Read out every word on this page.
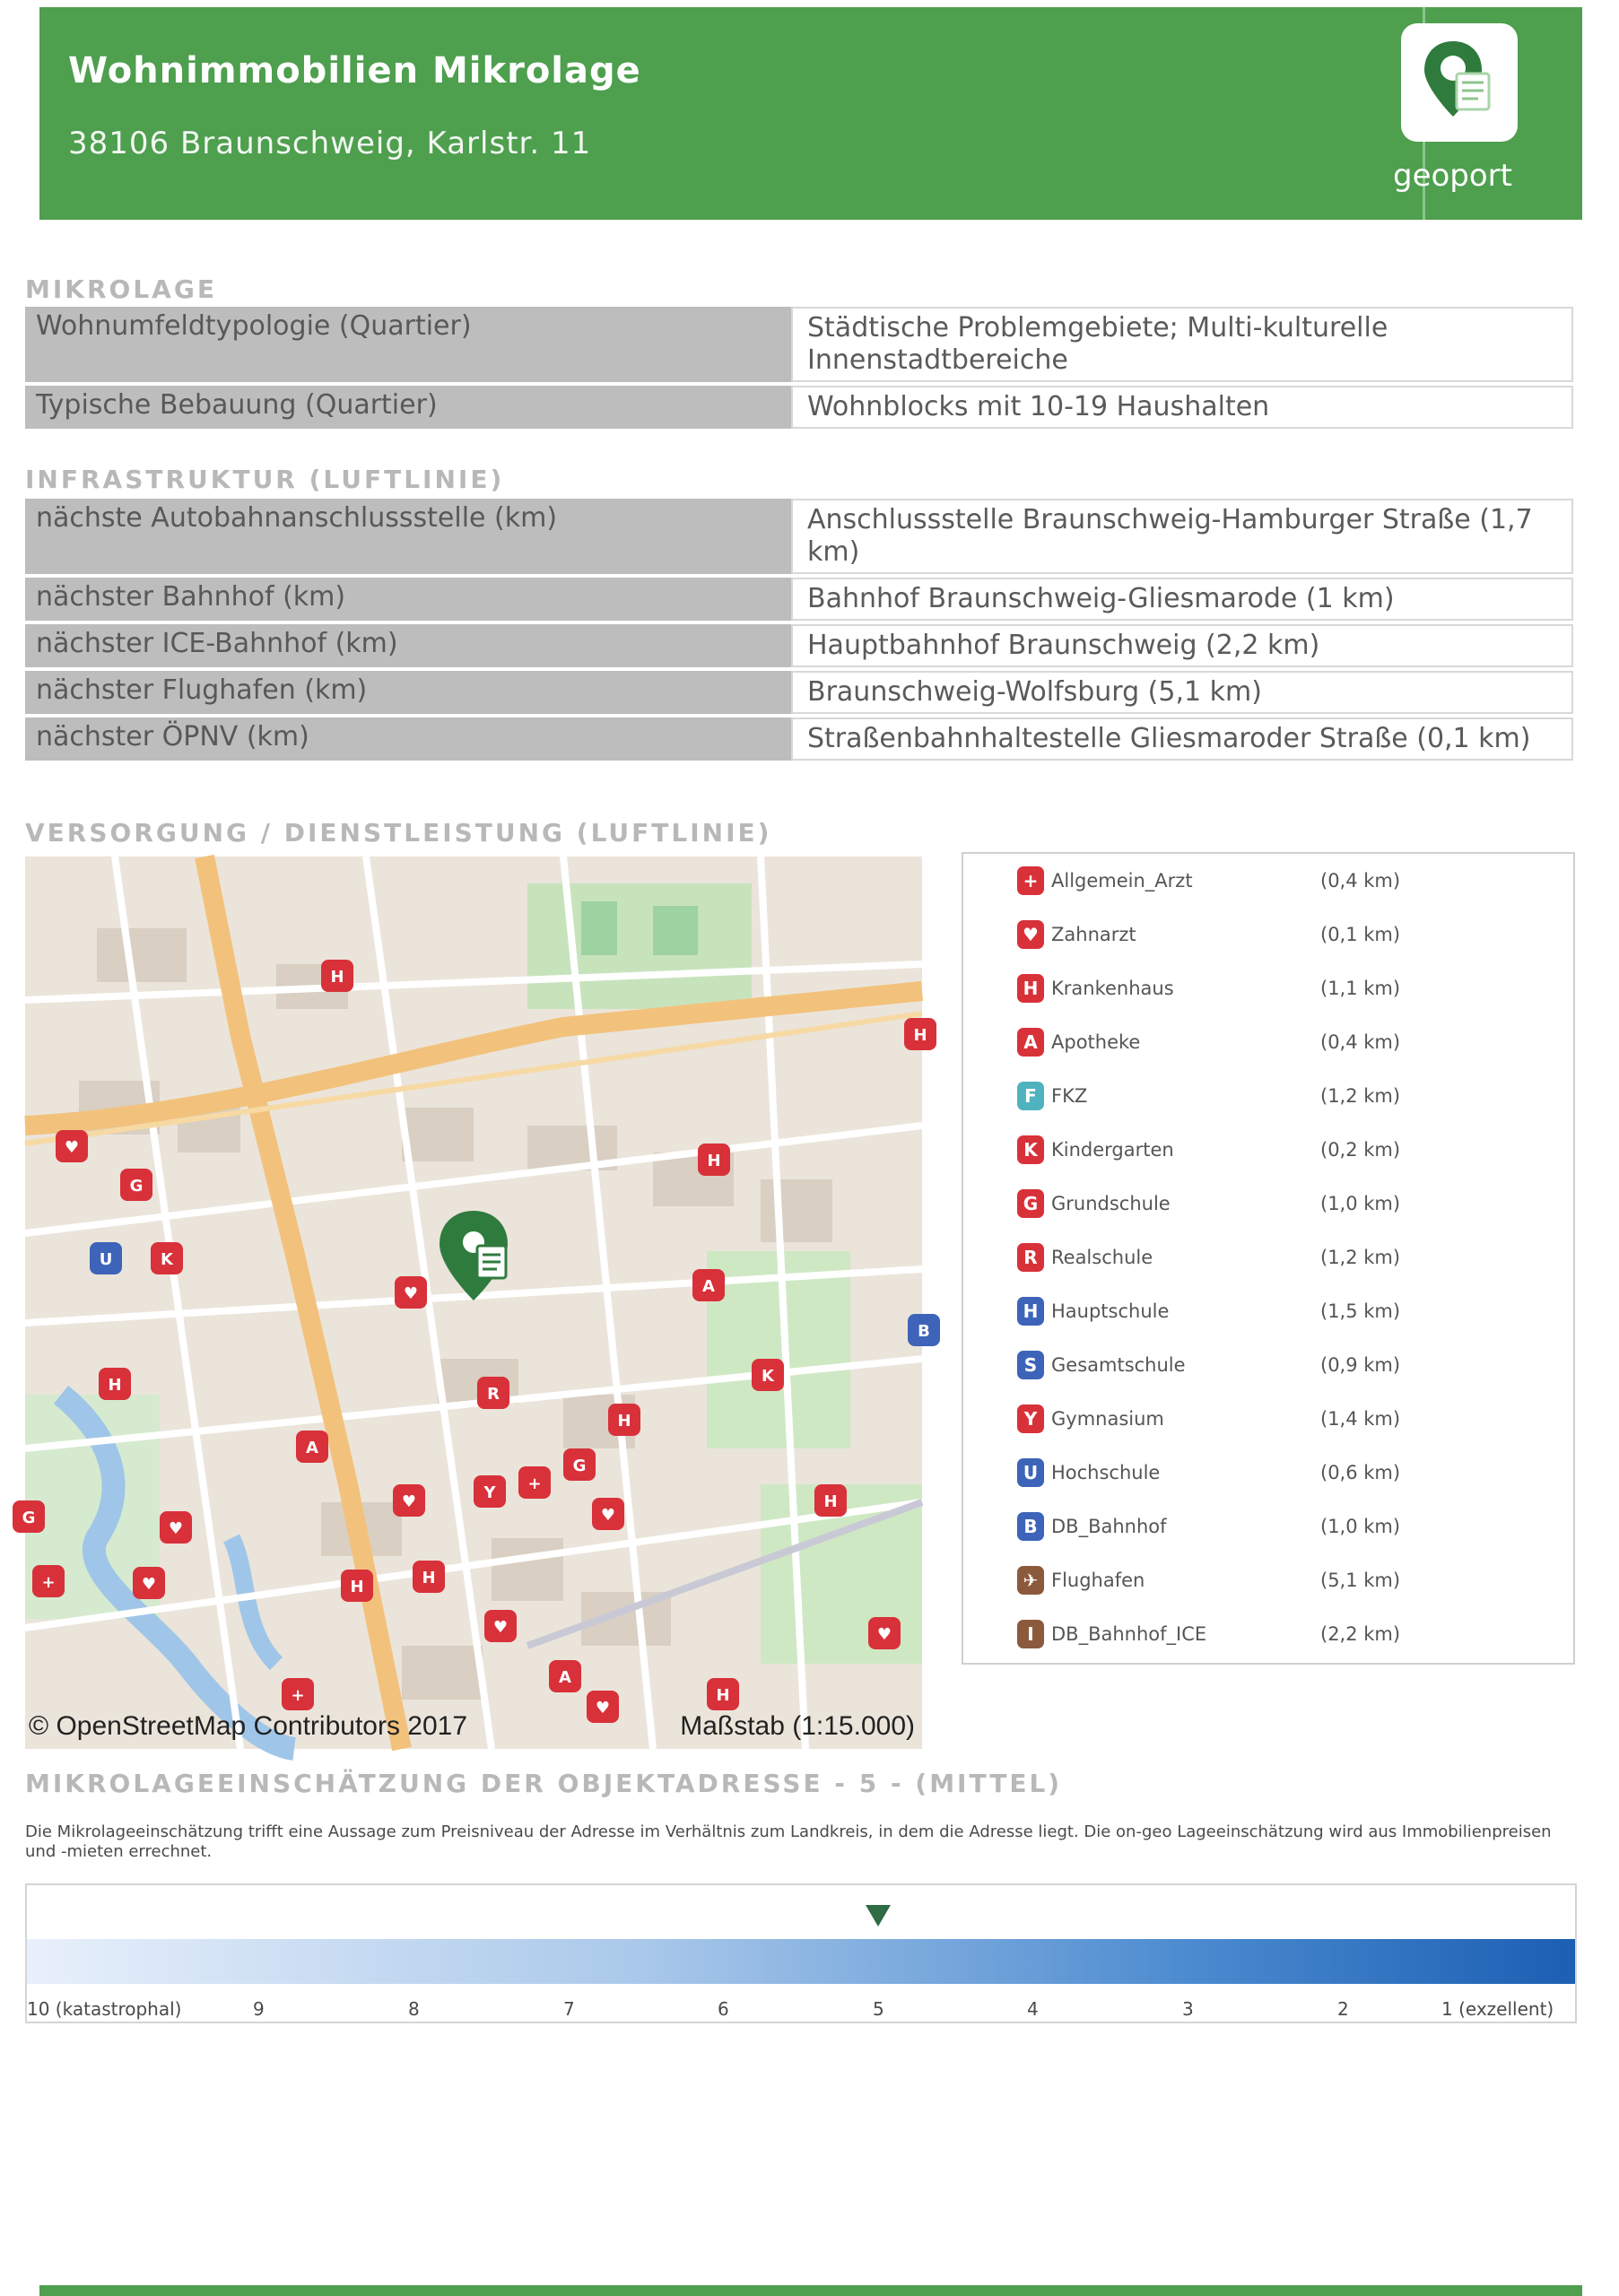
Wohnimmobilien Mikrolage
38106 Braunschweig, Karlstr. 11
geoport
MIKROLAGE
Wohnumfeldtypologie (Quartier)	Städtische Problemgebiete; Multi-kulturelle Innenstadtbereiche
Typische Bebauung (Quartier)	Wohnblocks mit 10-19 Haushalten
INFRASTRUKTUR (LUFTLINIE)
nächste Autobahnanschlussstelle (km)	Anschlussstelle Braunschweig-Hamburger Straße (1,7 km)
nächster Bahnhof (km)	Bahnhof Braunschweig-Gliesmarode (1 km)
nächster ICE-Bahnhof (km)	Hauptbahnhof Braunschweig (2,2 km)
nächster Flughafen (km)	Braunschweig-Wolfsburg (5,1 km)
nächster ÖPNV (km)	Straßenbahnhaltestelle Gliesmaroder Straße (0,1 km)
VERSORGUNG / DIENSTLEISTUNG (LUFTLINIE)
H
♥
G
U	K
H
♥	A
H	K
R
A
H
G
+
Y
♥
♥
H
♥
+	♥	H	H
♥	♥
A
+	H
♥
H
B
G
© OpenStreetMap Contributors 2017	Maßstab (1:15.000)
+ Allgemein_Arzt	(0,4 km)
♥ Zahnarzt	(0,1 km)
H Krankenhaus	(1,1 km)
A Apotheke	(0,4 km)
F FKZ	(1,2 km)
K Kindergarten	(0,2 km)
G Grundschule	(1,0 km)
R Realschule	(1,2 km)
H Hauptschule	(1,5 km)
S Gesamtschule	(0,9 km)
Y Gymnasium	(1,4 km)
U Hochschule	(0,6 km)
B DB_Bahnhof	(1,0 km)
✈ Flughafen	(5,1 km)
I DB_Bahnhof_ICE	(2,2 km)
MIKROLAGEEINSCHÄTZUNG DER OBJEKTADRESSE - 5 - (MITTEL)
Die Mikrolageeinschätzung trifft eine Aussage zum Preisniveau der Adresse im Verhältnis zum Landkreis, in dem die Adresse liegt. Die on-geo Lageeinschätzung wird aus Immobilienpreisen und -mieten errechnet.
10 (katastrophal)	9	8	7	6	5	4	3	2	1 (exzellent)
